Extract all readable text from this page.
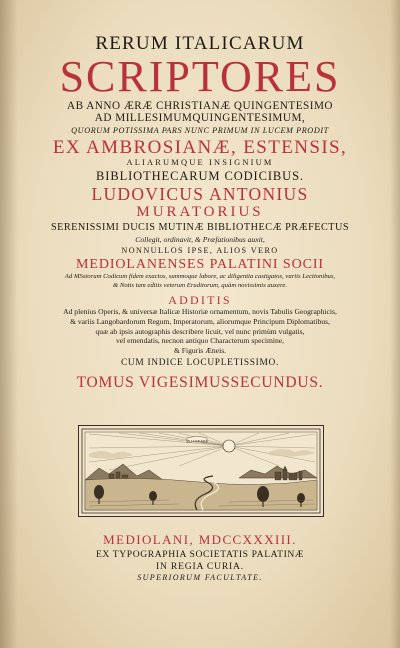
RERUM ITALICARUM
SCRIPTORES
AB ANNO ÆRÆ CHRISTIANÆ QUINGENTESIMO
AD MILLESIMUMQUINGENTESIMUM,
QUORUM POTISSIMA PARS NUNC PRIMUM IN LUCEM PRODIT
EX AMBROSIANÆ, ESTENSIS,
ALIARUMQUE INSIGNIUM
BIBLIOTHECARUM CODICIBUS.
LUDOVICUS ANTONIUS
MURATORIUS
SERENISSIMI DUCIS MUTINÆ BIBLIOTHECÆ PRÆFECTUS
Collegit, ordinavit, & Præfationibus auxit,
NONNULLOS IPSE, ALIOS VERO
MEDIOLANENSES PALATINI SOCII
Ad MSstorum Codicum fidem exactos, summoque labore, ac diligentia castigatos, variis Lectionibus,
& Notis tam editis veterum Eruditorum, quàm novissimis auxere.
ADDITIS
Ad plenius Operis, & universæ Italicæ Historiæ ornamentum, novis Tabulis Geographicis,
& variis Langobardorum Regum, Imperatorum, aliorumque Principum Diplomatibus,
quæ ab ipsis autographis describere licuit, vel nunc primùm vulgatis,
vel emendatis, necnon antiquo Characterum specimine,
& Figuris Æneis.
CUM INDICE LOCUPLETISSIMO.
TOMUS VIGESIMUSSECUNDUS.
IN LUCE MIA
MEDIOLANI, MDCCXXXIII.
EX TYPOGRAPHIA SOCIETATIS PALATINÆ
IN REGIA CURIA.
SUPERIORUM FACULTATE.
